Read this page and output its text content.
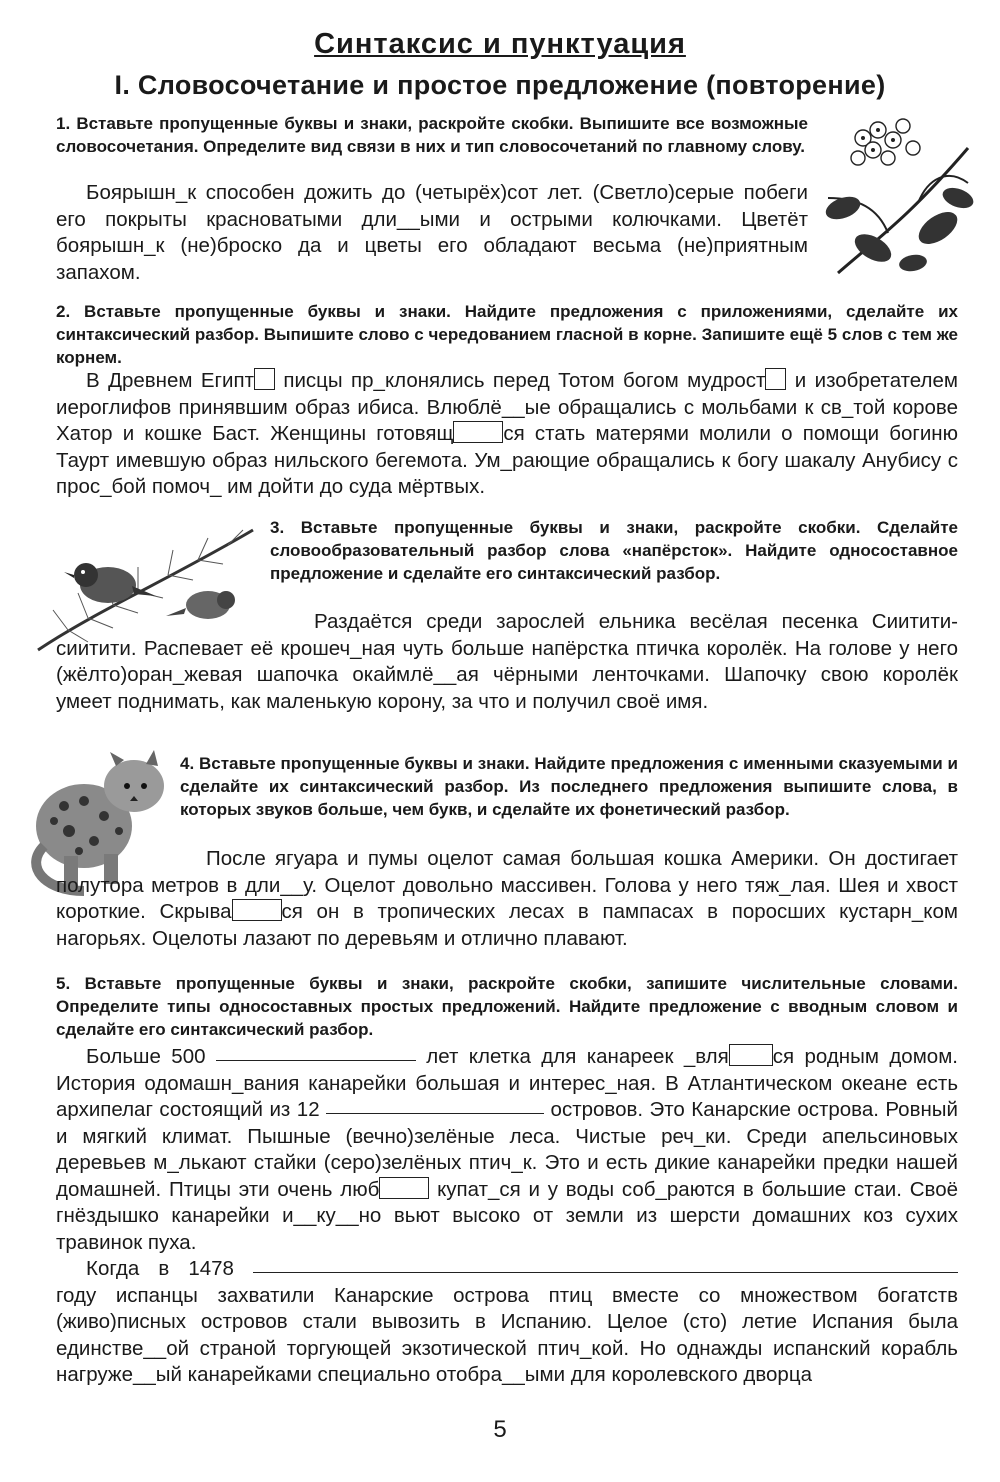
Синтаксис и пунктуация
I. Словосочетание и простое предложение (повторение)
1. Вставьте пропущенные буквы и знаки, раскройте скобки. Выпишите все возможные словосочетания. Определите вид связи в них и тип словосочетаний по главному слову.

Боярышн_к способен дожить до (четырёх)сот лет. (Светло)серые побеги его покрыты красноватыми дли__ыми и острыми колючками. Цветёт боярышн_к (не)броско да и цветы его обладают весьма (не)приятным запахом.

2. Вставьте пропущенные буквы и знаки. Найдите предложения с приложениями, сделайте их синтаксический разбор. Выпишите слово с чередованием гласной в корне. Запишите ещё 5 слов с тем же корнем.

В Древнем Египт писцы пр_клонялись перед Тотом богом мудрост и изобретателем иероглифов принявшим образ ибиса. Влюблё__ые обращались с мольбами к св_той корове Хатор и кошке Баст. Женщины готовящ ся стать матерями молили о помощи богиню Таурт имевшую образ нильского бегемота. Ум_рающие обращались к богу шакалу Анубису с прос_бой помоч_ им дойти до суда мёртвых.

3. Вставьте пропущенные буквы и знаки, раскройте скобки. Сделайте словообразовательный разбор слова «напёрсток». Найдите односоставное предложение и сделайте его синтаксический разбор.

Раздаётся среди зарослей ельника весёлая песенка Сиитити-сиитити. Распевает её крошеч_ная чуть больше напёрстка птичка королёк. На голове у него (жёлто)оран_жевая шапочка окаймлё__ая чёрными ленточками. Шапочку свою королёк умеет поднимать, как маленькую корону, за что и получил своё имя.

4. Вставьте пропущенные буквы и знаки. Найдите предложения с именными сказуемыми и сделайте их синтаксический разбор. Из последнего предложения выпишите слова, в которых звуков больше, чем букв, и сделайте их фонетический разбор.

После ягуара и пумы оцелот самая большая кошка Америки. Он достигает полутора метров в дли__у. Оцелот довольно массивен. Голова у него тяж_лая. Шея и хвост короткие. Скрыва ся он в тропических лесах в пампасах в поросших кустарн_ком нагорьях. Оцелоты лазают по деревьям и отлично плавают.

5. Вставьте пропущенные буквы и знаки, раскройте скобки, запишите числительные словами. Определите типы односоставных простых предложений. Найдите предложение с вводным словом и сделайте его синтаксический разбор.

Больше 500	лет клетка для канареек _вля ся родным домом. История одомашн_вания канарейки большая и интерес_ная. В Атлантическом океане есть архипелаг состоящий из 12	островов. Это Канарские острова. Ровный и мягкий климат. Пышные (вечно)зелёные леса. Чистые реч_ки. Среди апельсиновых деревьев м_лькают стайки (серо)зелёных птич_к. Это и есть дикие канарейки предки нашей домашней. Птицы эти очень люб купат_ся и у воды соб_раются в большие стаи. Своё гнёздышко канарейки и__ку__но вьют высоко от земли из шерсти домашних коз сухих травинок пуха.

Когда в 1478  году испанцы захватили Канарские острова птиц вместе со множеством богатств (живо)писных островов стали вывозить в Испанию. Целое (сто) летие Испания была единстве__ой страной торгующей экзотической птич_кой. Но однажды испанский корабль нагруже__ый канарейками специально отобра__ыми для королевского дворца

5
